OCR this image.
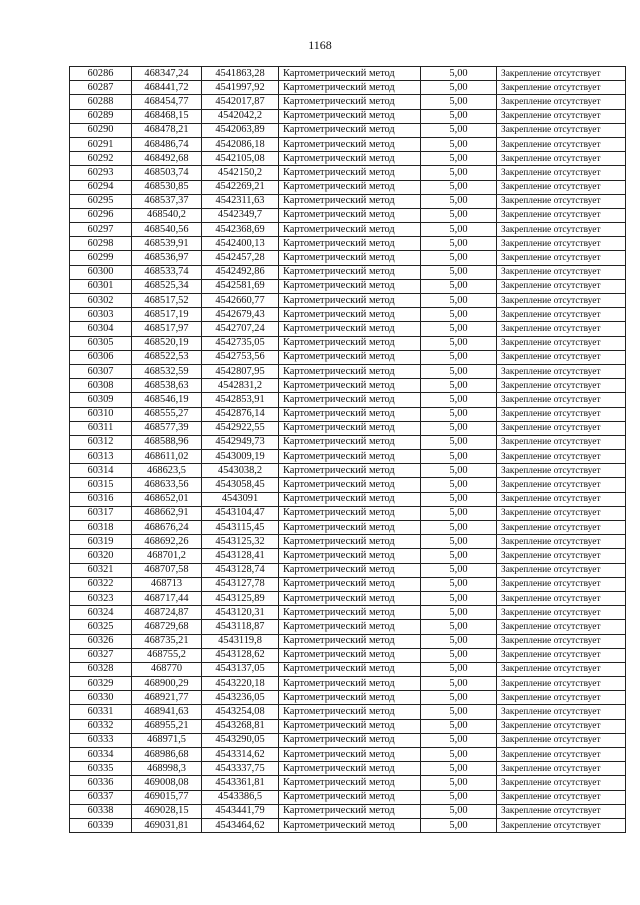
1168
60286	468347,24	4541863,28	Картометрический метод	5,00	Закрепление отсутствует
60287	468441,72	4541997,92	Картометрический метод	5,00	Закрепление отсутствует
60288	468454,77	4542017,87	Картометрический метод	5,00	Закрепление отсутствует
60289	468468,15	4542042,2	Картометрический метод	5,00	Закрепление отсутствует
60290	468478,21	4542063,89	Картометрический метод	5,00	Закрепление отсутствует
60291	468486,74	4542086,18	Картометрический метод	5,00	Закрепление отсутствует
60292	468492,68	4542105,08	Картометрический метод	5,00	Закрепление отсутствует
60293	468503,74	4542150,2	Картометрический метод	5,00	Закрепление отсутствует
60294	468530,85	4542269,21	Картометрический метод	5,00	Закрепление отсутствует
60295	468537,37	4542311,63	Картометрический метод	5,00	Закрепление отсутствует
60296	468540,2	4542349,7	Картометрический метод	5,00	Закрепление отсутствует
60297	468540,56	4542368,69	Картометрический метод	5,00	Закрепление отсутствует
60298	468539,91	4542400,13	Картометрический метод	5,00	Закрепление отсутствует
60299	468536,97	4542457,28	Картометрический метод	5,00	Закрепление отсутствует
60300	468533,74	4542492,86	Картометрический метод	5,00	Закрепление отсутствует
60301	468525,34	4542581,69	Картометрический метод	5,00	Закрепление отсутствует
60302	468517,52	4542660,77	Картометрический метод	5,00	Закрепление отсутствует
60303	468517,19	4542679,43	Картометрический метод	5,00	Закрепление отсутствует
60304	468517,97	4542707,24	Картометрический метод	5,00	Закрепление отсутствует
60305	468520,19	4542735,05	Картометрический метод	5,00	Закрепление отсутствует
60306	468522,53	4542753,56	Картометрический метод	5,00	Закрепление отсутствует
60307	468532,59	4542807,95	Картометрический метод	5,00	Закрепление отсутствует
60308	468538,63	4542831,2	Картометрический метод	5,00	Закрепление отсутствует
60309	468546,19	4542853,91	Картометрический метод	5,00	Закрепление отсутствует
60310	468555,27	4542876,14	Картометрический метод	5,00	Закрепление отсутствует
60311	468577,39	4542922,55	Картометрический метод	5,00	Закрепление отсутствует
60312	468588,96	4542949,73	Картометрический метод	5,00	Закрепление отсутствует
60313	468611,02	4543009,19	Картометрический метод	5,00	Закрепление отсутствует
60314	468623,5	4543038,2	Картометрический метод	5,00	Закрепление отсутствует
60315	468633,56	4543058,45	Картометрический метод	5,00	Закрепление отсутствует
60316	468652,01	4543091	Картометрический метод	5,00	Закрепление отсутствует
60317	468662,91	4543104,47	Картометрический метод	5,00	Закрепление отсутствует
60318	468676,24	4543115,45	Картометрический метод	5,00	Закрепление отсутствует
60319	468692,26	4543125,32	Картометрический метод	5,00	Закрепление отсутствует
60320	468701,2	4543128,41	Картометрический метод	5,00	Закрепление отсутствует
60321	468707,58	4543128,74	Картометрический метод	5,00	Закрепление отсутствует
60322	468713	4543127,78	Картометрический метод	5,00	Закрепление отсутствует
60323	468717,44	4543125,89	Картометрический метод	5,00	Закрепление отсутствует
60324	468724,87	4543120,31	Картометрический метод	5,00	Закрепление отсутствует
60325	468729,68	4543118,87	Картометрический метод	5,00	Закрепление отсутствует
60326	468735,21	4543119,8	Картометрический метод	5,00	Закрепление отсутствует
60327	468755,2	4543128,62	Картометрический метод	5,00	Закрепление отсутствует
60328	468770	4543137,05	Картометрический метод	5,00	Закрепление отсутствует
60329	468900,29	4543220,18	Картометрический метод	5,00	Закрепление отсутствует
60330	468921,77	4543236,05	Картометрический метод	5,00	Закрепление отсутствует
60331	468941,63	4543254,08	Картометрический метод	5,00	Закрепление отсутствует
60332	468955,21	4543268,81	Картометрический метод	5,00	Закрепление отсутствует
60333	468971,5	4543290,05	Картометрический метод	5,00	Закрепление отсутствует
60334	468986,68	4543314,62	Картометрический метод	5,00	Закрепление отсутствует
60335	468998,3	4543337,75	Картометрический метод	5,00	Закрепление отсутствует
60336	469008,08	4543361,81	Картометрический метод	5,00	Закрепление отсутствует
60337	469015,77	4543386,5	Картометрический метод	5,00	Закрепление отсутствует
60338	469028,15	4543441,79	Картометрический метод	5,00	Закрепление отсутствует
60339	469031,81	4543464,62	Картометрический метод	5,00	Закрепление отсутствует
